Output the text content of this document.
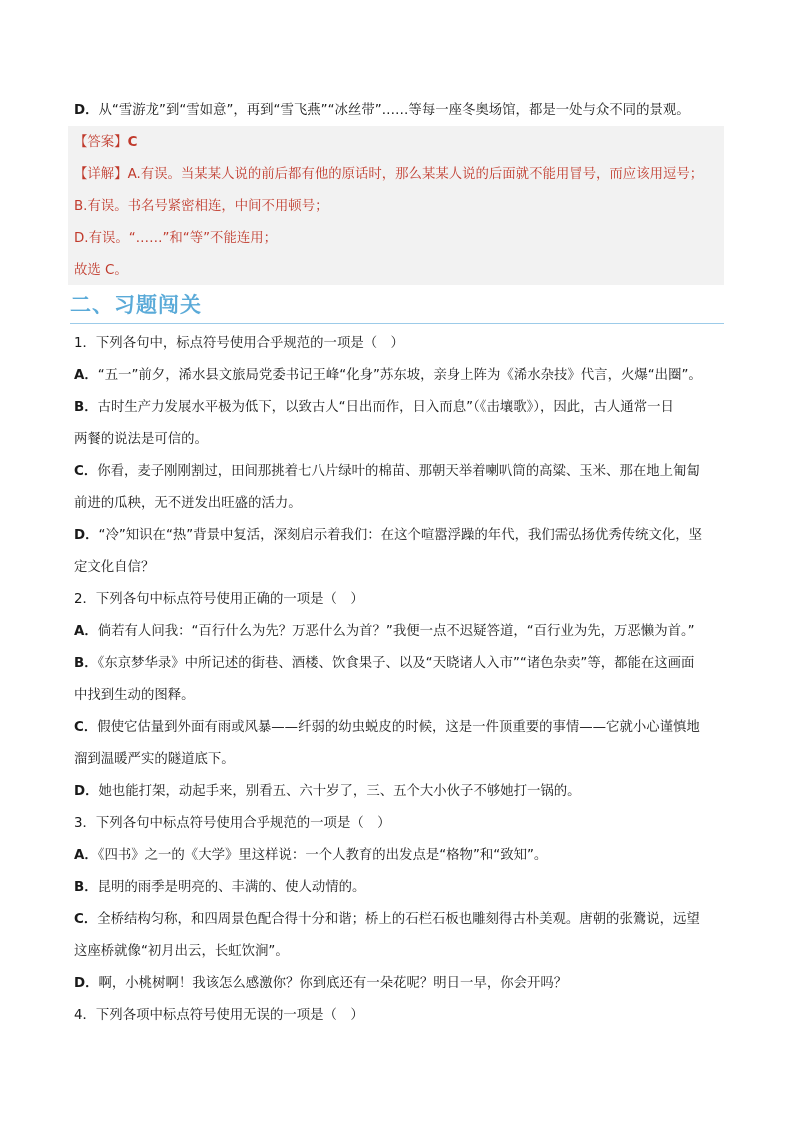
D．从“雪游龙”到“雪如意”，再到“雪飞燕”“冰丝带”……等每一座冬奥场馆，都是一处与众不同的景观。
【答案】C
【详解】A.有误。当某某人说的前后都有他的原话时，那么某某人说的后面就不能用冒号，而应该用逗号；
B.有误。书名号紧密相连，中间不用顿号；
D.有误。“……”和“等”不能连用；
故选 C。
二、习题闯关
1．下列各句中，标点符号使用合乎规范的一项是（　）
A．“五一”前夕，浠水县文旅局党委书记王峰“化身”苏东坡，亲身上阵为《浠水杂技》代言，火爆“出圈”。
B．古时生产力发展水平极为低下，以致古人“日出而作，日入而息”（《击壤歌》），因此，古人通常一日
两餐的说法是可信的。
C．你看，麦子刚刚割过，田间那挑着七八片绿叶的棉苗、那朝天举着喇叭筒的高粱、玉米、那在地上匍匐
前进的瓜秧，无不迸发出旺盛的活力。
D．“冷”知识在“热”背景中复活，深刻启示着我们：在这个喧嚣浮躁的年代，我们需弘扬优秀传统文化，坚
定文化自信？
2．下列各句中标点符号使用正确的一项是（　）
A．倘若有人问我：“百行什么为先？万恶什么为首？”我便一点不迟疑答道，“百行业为先，万恶懒为首。”
B．《东京梦华录》中所记述的街巷、酒楼、饮食果子、以及“天晓诸人入市”“诸色杂卖”等，都能在这画面
中找到生动的图释。
C．假使它估量到外面有雨或风暴——纤弱的幼虫蜕皮的时候，这是一件顶重要的事情——它就小心谨慎地
溜到温暖严实的隧道底下。
D．她也能打架，动起手来，别看五、六十岁了，三、五个大小伙子不够她打一锅的。
3．下列各句中标点符号使用合乎规范的一项是（　）
A．《四书》之一的《大学》里这样说：一个人教育的出发点是“格物”和“致知”。
B．昆明的雨季是明亮的、丰满的、使人动情的。
C．全桥结构匀称，和四周景色配合得十分和谐；桥上的石栏石板也雕刻得古朴美观。唐朝的张鷟说，远望
这座桥就像“初月出云，长虹饮涧”。
D．啊，小桃树啊！我该怎么感激你？你到底还有一朵花呢？明日一早，你会开吗？
4．下列各项中标点符号使用无误的一项是（　）
